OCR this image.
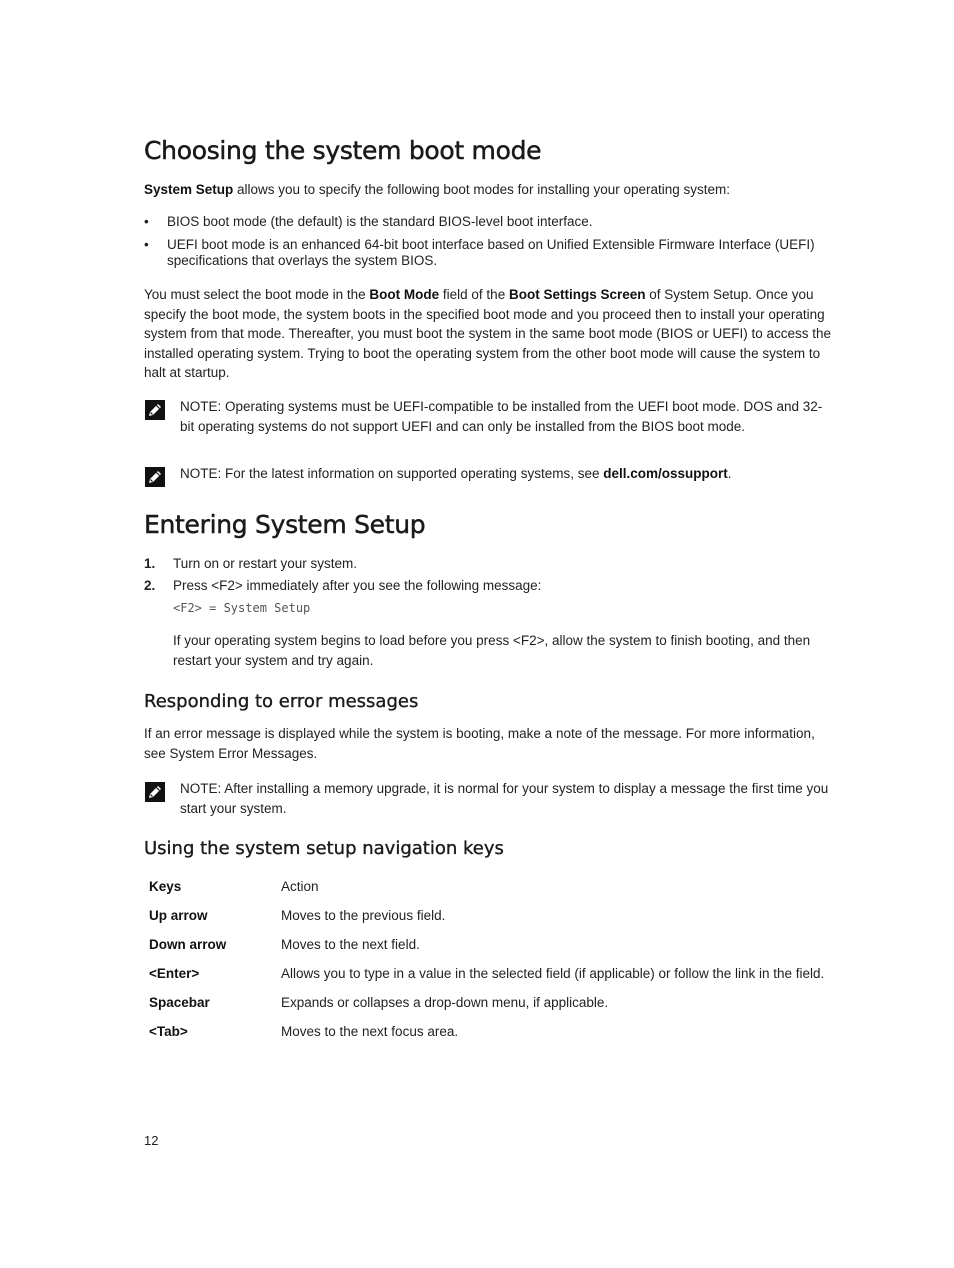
Choosing the system boot mode

System Setup allows you to specify the following boot modes for installing your operating system:

• BIOS boot mode (the default) is the standard BIOS-level boot interface.
• UEFI boot mode is an enhanced 64-bit boot interface based on Unified Extensible Firmware Interface (UEFI) specifications that overlays the system BIOS.

You must select the boot mode in the Boot Mode field of the Boot Settings Screen of System Setup. Once you specify the boot mode, the system boots in the specified boot mode and you proceed then to install your operating system from that mode. Thereafter, you must boot the system in the same boot mode (BIOS or UEFI) to access the installed operating system. Trying to boot the operating system from the other boot mode will cause the system to halt at startup.

NOTE: Operating systems must be UEFI-compatible to be installed from the UEFI boot mode. DOS and 32-bit operating systems do not support UEFI and can only be installed from the BIOS boot mode.
NOTE: For the latest information on supported operating systems, see dell.com/ossupport.
Entering System Setup
1. Turn on or restart your system.
2. Press <F2> immediately after you see the following message:
<F2> = System Setup

If your operating system begins to load before you press <F2>, allow the system to finish booting, and then restart your system and try again.

Responding to error messages

If an error message is displayed while the system is booting, make a note of the message. For more information, see System Error Messages.

NOTE: After installing a memory upgrade, it is normal for your system to display a message the first time you start your system.
Using the system setup navigation keys
Keys	Action
Up arrow	Moves to the previous field.
Down arrow	Moves to the next field.
<Enter>	Allows you to type in a value in the selected field (if applicable) or follow the link in the field.
Spacebar	Expands or collapses a drop-down menu, if applicable.
<Tab>	Moves to the next focus area.
12
